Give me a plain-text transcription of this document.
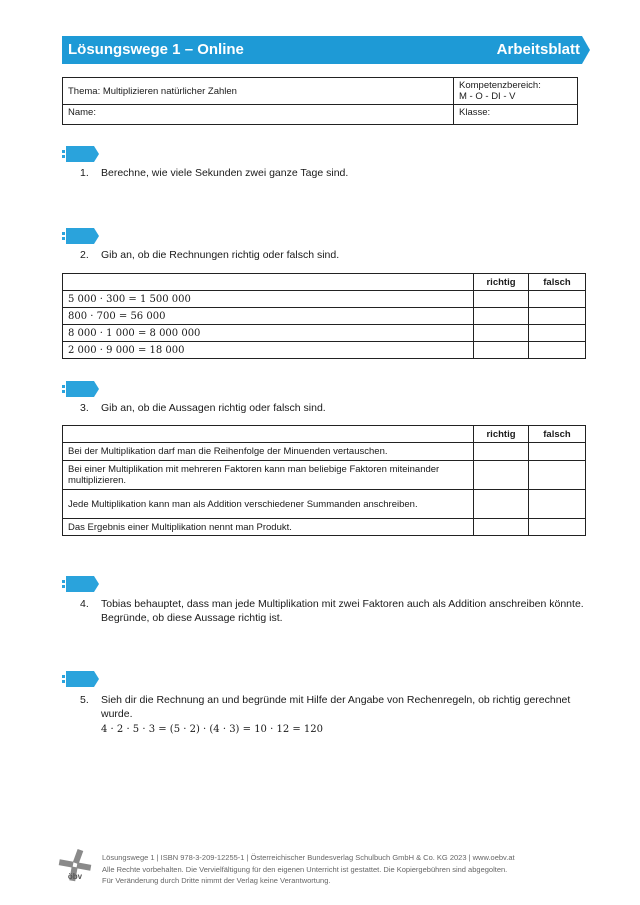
Lösungswege 1 – Online	Arbeitsblatt
Thema: Multiplizieren natürlicher Zahlen	Kompetenzbereich:
M - O - DI - V

Name:	Klasse:
1. Berechne, wie viele Sekunden zwei ganze Tage sind.
2. Gib an, ob die Rechnungen richtig oder falsch sind.
	richtig	falsch
5 000 · 300 = 1 500 000		
800 · 700 = 56 000		
8 000 · 1 000 = 8 000 000		
2 000 · 9 000 = 18 000		
3. Gib an, ob die Aussagen richtig oder falsch sind.
	richtig	falsch
Bei der Multiplikation darf man die Reihenfolge der Minuenden vertauschen.		
Bei einer Multiplikation mit mehreren Faktoren kann man beliebige Faktoren miteinander multiplizieren.		
Jede Multiplikation kann man als Addition verschiedener Summanden anschreiben.		
Das Ergebnis einer Multiplikation nennt man Produkt.		
4. Tobias behauptet, dass man jede Multiplikation mit zwei Faktoren auch als Addition anschreiben könnte. Begründe, ob diese Aussage richtig ist.
5. Sieh dir die Rechnung an und begründe mit Hilfe der Angabe von Rechenregeln, ob richtig gerechnet wurde.
4 · 2 · 5 · 3 = (5 · 2) · (4 · 3) = 10 · 12 = 120
öbv
Lösungswege 1 | ISBN 978-3-209-12255-1 | Österreichischer Bundesverlag Schulbuch GmbH & Co. KG 2023 | www.oebv.at
Alle Rechte vorbehalten. Die Vervielfältigung für den eigenen Unterricht ist gestattet. Die Kopiergebühren sind abgegolten.
Für Veränderung durch Dritte nimmt der Verlag keine Verantwortung.
